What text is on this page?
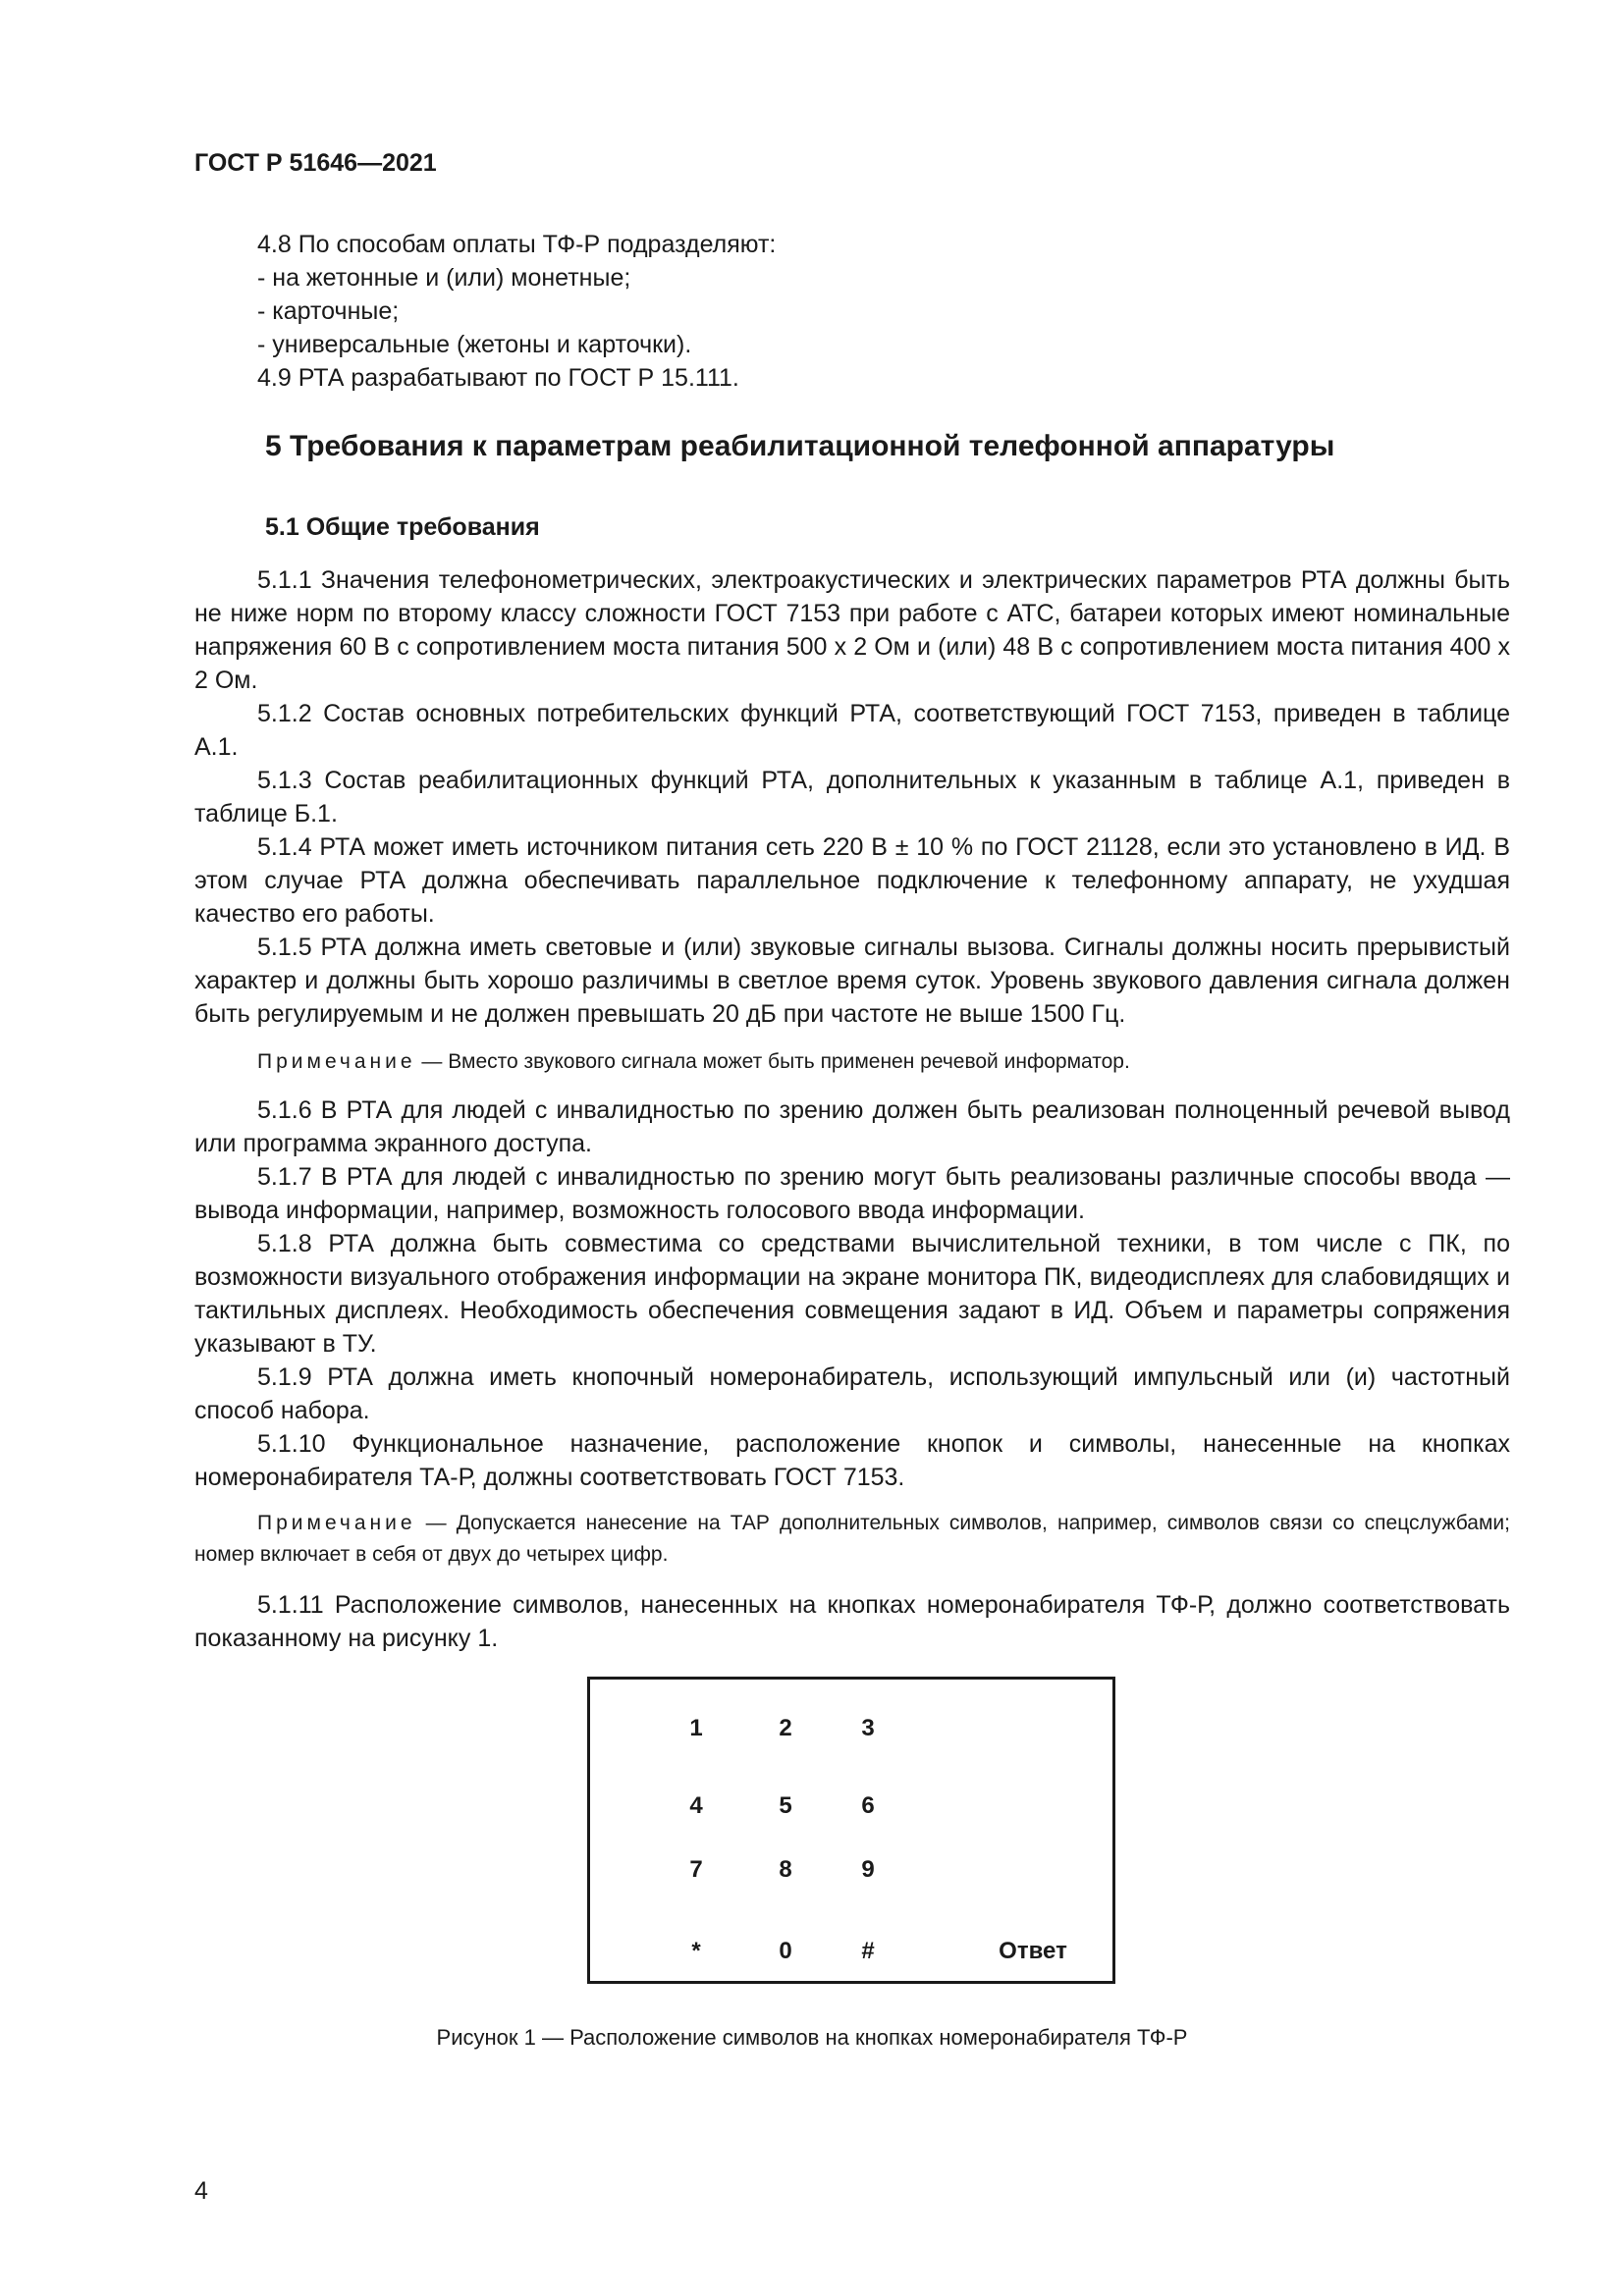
ГОСТ Р 51646—2021
4.8 По способам оплаты ТФ-Р подразделяют:
- на жетонные и (или) монетные;
- карточные;
- универсальные (жетоны и карточки).
4.9 РТА разрабатывают по ГОСТ Р 15.111.
5 Требования к параметрам реабилитационной телефонной аппаратуры
5.1 Общие требования

5.1.1 Значения телефонометрических, электроакустических и электрических параметров РТА должны быть не ниже норм по второму классу сложности ГОСТ 7153 при работе с АТС, батареи которых имеют номинальные напряжения 60 В с сопротивлением моста питания 500 х 2 Ом и (или) 48 В с сопротивлением моста питания 400 х 2 Ом.

5.1.2 Состав основных потребительских функций РТА, соответствующий ГОСТ 7153, приведен в таблице А.1.

5.1.3 Состав реабилитационных функций РТА, дополнительных к указанным в таблице А.1, приведен в таблице Б.1.

5.1.4 РТА может иметь источником питания сеть 220 В ± 10 % по ГОСТ 21128, если это установлено в ИД. В этом случае РТА должна обеспечивать параллельное подключение к телефонному аппарату, не ухудшая качество его работы.

5.1.5 РТА должна иметь световые и (или) звуковые сигналы вызова. Сигналы должны носить прерывистый характер и должны быть хорошо различимы в светлое время суток. Уровень звукового давления сигнала должен быть регулируемым и не должен превышать 20 дБ при частоте не выше 1500 Гц.

Примечание — Вместо звукового сигнала может быть применен речевой информатор.

5.1.6 В РТА для людей с инвалидностью по зрению должен быть реализован полноценный речевой вывод или программа экранного доступа.

5.1.7 В РТА для людей с инвалидностью по зрению могут быть реализованы различные способы ввода — вывода информации, например, возможность голосового ввода информации.

5.1.8 РТА должна быть совместима со средствами вычислительной техники, в том числе с ПК, по возможности визуального отображения информации на экране монитора ПК, видеодисплеях для слабовидящих и тактильных дисплеях. Необходимость обеспечения совмещения задают в ИД. Объем и параметры сопряжения указывают в ТУ.

5.1.9 РТА должна иметь кнопочный номеронабиратель, использующий импульсный или (и) частотный способ набора.

5.1.10 Функциональное назначение, расположение кнопок и символы, нанесенные на кнопках номеронабирателя ТА-Р, должны соответствовать ГОСТ 7153.

Примечание — Допускается нанесение на ТАР дополнительных символов, например, символов связи со спецслужбами; номер включает в себя от двух до четырех цифр.

5.1.11 Расположение символов, нанесенных на кнопках номеронабирателя ТФ-Р, должно соответствовать показанному на рисунку 1.

1	2	3
4	5	6
7	8	9
*	0	#	Ответ
Рисунок 1 — Расположение символов на кнопках номеронабирателя ТФ-Р
4
